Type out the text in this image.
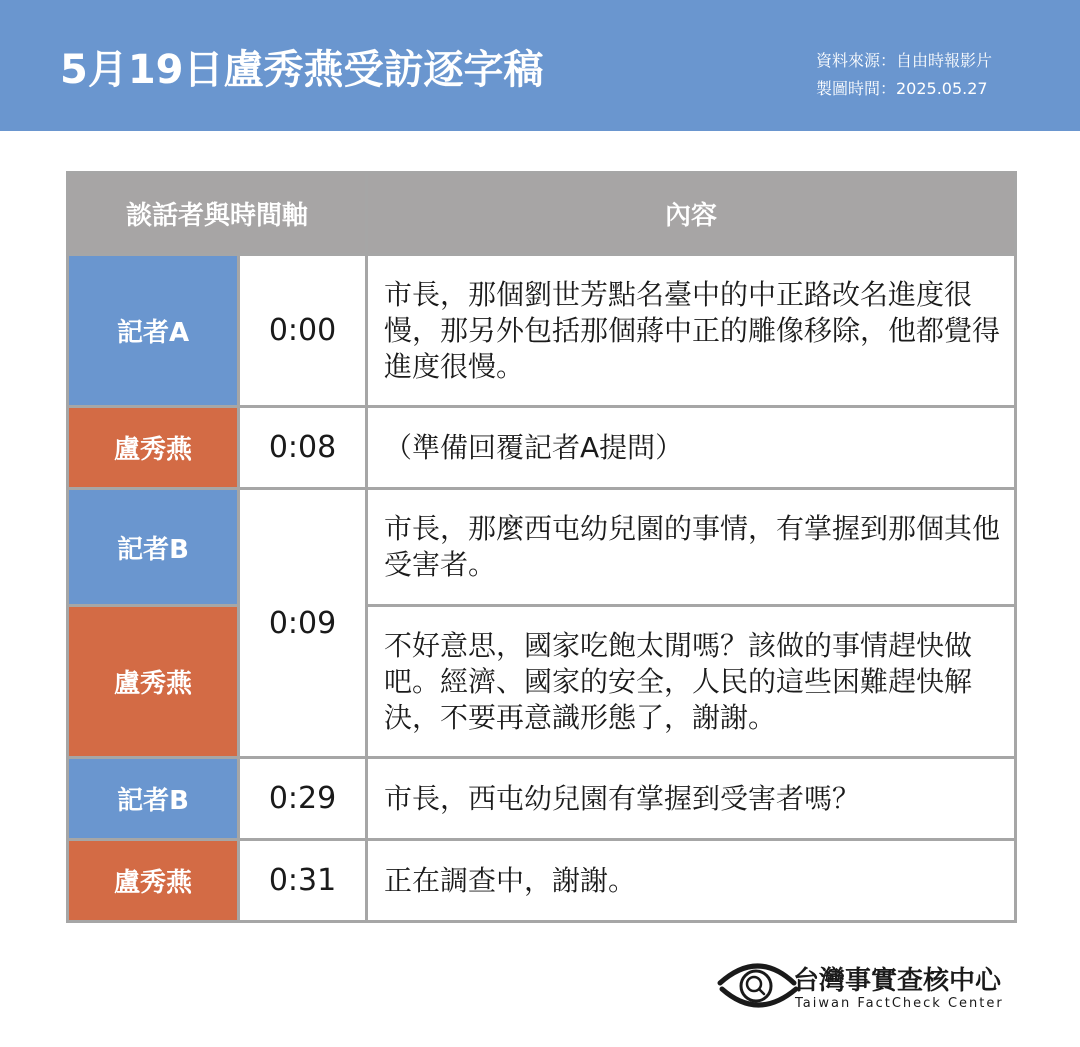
5月19日盧秀燕受訪逐字稿	資料來源：自由時報影片
製圖時間：2025.05.27
談話者與時間軸		內容
記者A	0:00	市長，那個劉世芳點名臺中的中正路改名進度很慢，那另外包括那個蔣中正的雕像移除，他都覺得進度很慢。
盧秀燕	0:08	（準備回覆記者A提問）
記者B	0:09	市長，那麼西屯幼兒園的事情，有掌握到那個其他受害者。
盧秀燕		不好意思，國家吃飽太閒嗎？該做的事情趕快做吧。經濟、國家的安全，人民的這些困難趕快解決，不要再意識形態了，謝謝。
記者B	0:29	市長，西屯幼兒園有掌握到受害者嗎？
盧秀燕	0:31	正在調查中，謝謝。
台灣事實查核中心
Taiwan FactCheck Center
